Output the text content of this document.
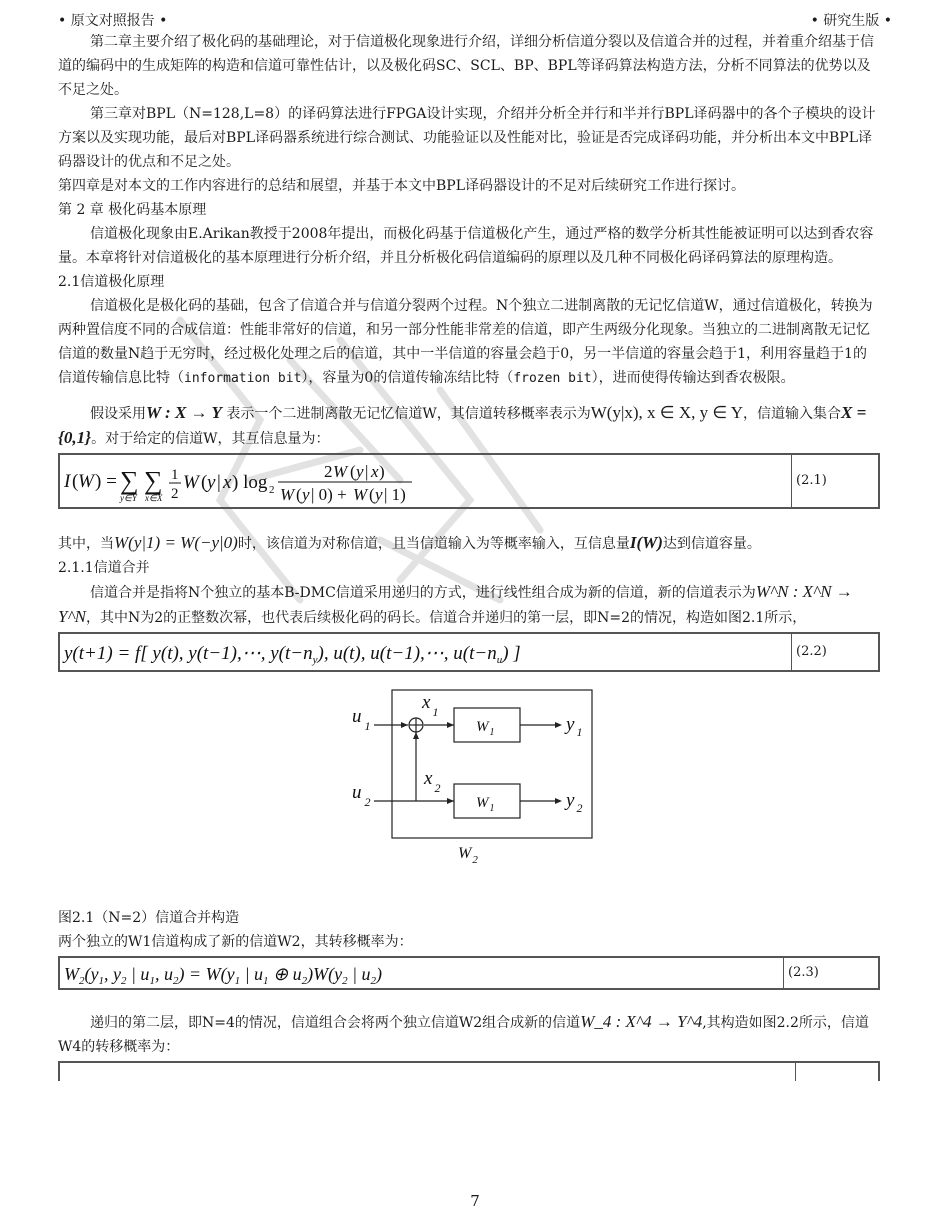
• 原文对照报告 •	• 研究生版 •

第二章主要介绍了极化码的基础理论，对于信道极化现象进行介绍，详细分析信道分裂以及信道合并的过程，并着重介绍基于信道的编码中的生成矩阵的构造和信道可靠性估计，以及极化码SC、SCL、BP、BPL等译码算法构造方法，分析不同算法的优势以及不足之处。

第三章对BPL（N=128,L=8）的译码算法进行FPGA设计实现，介绍并分析全并行和半并行BPL译码器中的各个子模块的设计方案以及实现功能，最后对BPL译码器系统进行综合测试、功能验证以及性能对比，验证是否完成译码功能，并分析出本文中BPL译码器设计的优点和不足之处。

第四章是对本文的工作内容进行的总结和展望，并基于本文中BPL译码器设计的不足对后续研究工作进行探讨。

第 2 章 极化码基本原理

信道极化现象由E.Arikan教授于2008年提出，而极化码基于信道极化产生，通过严格的数学分析其性能被证明可以达到香农容量。本章将针对信道极化的基本原理进行分析介绍，并且分析极化码信道编码的原理以及几种不同极化码译码算法的原理构造。

2.1信道极化原理

信道极化是极化码的基础，包含了信道合并与信道分裂两个过程。N个独立二进制离散的无记忆信道W，通过信道极化，转换为两种置信度不同的合成信道：性能非常好的信道，和另一部分性能非常差的信道，即产生两级分化现象。当独立的二进制离散无记忆信道的数量N趋于无穷时，经过极化处理之后的信道，其中一半信道的容量会趋于0，另一半信道的容量会趋于1，利用容量趋于1的信道传输信息比特（information bit），容量为0的信道传输冻结比特（frozen bit），进而使得传输达到香农极限。

假设采用W : X → Y 表示一个二进制离散无记忆信道W，其信道转移概率表示为W(y|x), x ∈ X, y ∈ Y，信道输入集合X = {0,1}。对于给定的信道W，其互信息量为：

I ( W ) = ∑ ∑
y∈Y x∈X
1
2
W ( y | x ) log 2
2 W ( y | x )
W ( y | 0) + W ( y | 1)
(2.1)

其中，当W(y|1) = W(−y|0)时，该信道为对称信道，且当信道输入为等概率输入，互信息量I(W)达到信道容量。

2.1.1信道合并

信道合并是指将N个独立的基本B-DMC信道采用递归的方式，进行线性组合成为新的信道，新的信道表示为W^N : X^N → Y^N，其中N为2的正整数次幂，也代表后续极化码的码长。信道合并递归的第一层，即N=2的情况，构造如图2.1所示，

y(t+1) = f[ y(t), y(t−1),⋯, $y(t-n_y)$, u(t), u(t−1),⋯, $u(t-n_u)$ ]	(2.2)
u $_1$
u $_2$
x $_1$
x $_2$
$W_1$
$W_1$
y $_1$
y $_2$
$W_2$

图2.1（N=2）信道合并构造

两个独立的W1信道构成了新的信道W2，其转移概率为：

$W_2(y_1$, $y_2$ | $u_1$, $u_2) = W(y_1$ | $u_1$ ⊕ $u_2)W(y_2$ | $u_2$)	(2.3)

递归的第二层，即N=4的情况，信道组合会将两个独立信道W2组合成新的信道W_4 : X^4 → Y^4,其构造如图2.2所示，信道W4的转移概率为：

7
